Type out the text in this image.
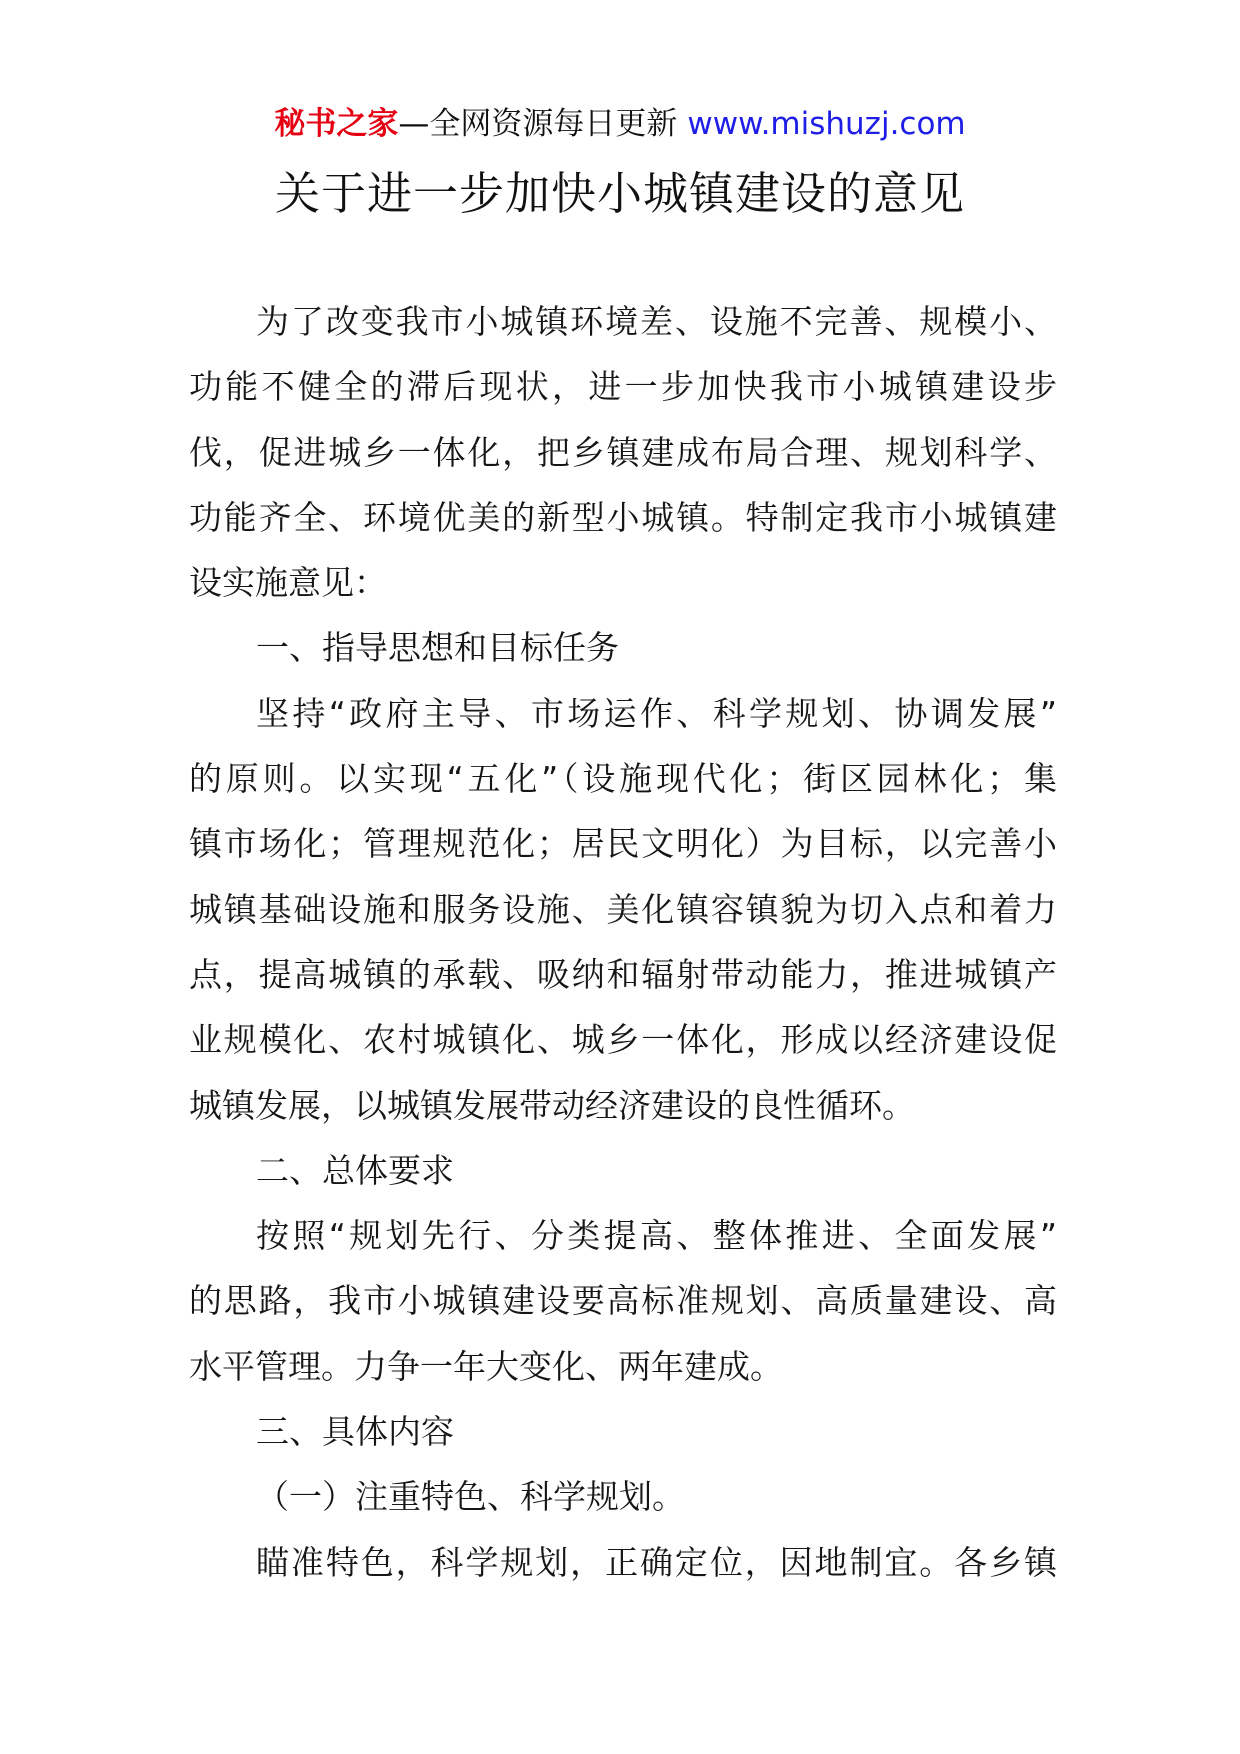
秘书之家—全网资源每日更新 www.mishuzj.com
关于进一步加快小城镇建设的意见
为了改变我市小城镇环境差、设施不完善、规模小、
功能不健全的滞后现状，进一步加快我市小城镇建设步
伐，促进城乡一体化，把乡镇建成布局合理、规划科学、
功能齐全、环境优美的新型小城镇。特制定我市小城镇建
设实施意见：
一、指导思想和目标任务
坚持“政府主导、市场运作、科学规划、协调发展”
的原则。以实现“五化”（设施现代化；街区园林化；集
镇市场化；管理规范化；居民文明化）为目标，以完善小
城镇基础设施和服务设施、美化镇容镇貌为切入点和着力
点，提高城镇的承载、吸纳和辐射带动能力，推进城镇产
业规模化、农村城镇化、城乡一体化，形成以经济建设促
城镇发展，以城镇发展带动经济建设的良性循环。
二、总体要求
按照“规划先行、分类提高、整体推进、全面发展”
的思路，我市小城镇建设要高标准规划、高质量建设、高
水平管理。力争一年大变化、两年建成。
三、具体内容
（一）注重特色、科学规划。
瞄准特色，科学规划，正确定位，因地制宜。各乡镇
